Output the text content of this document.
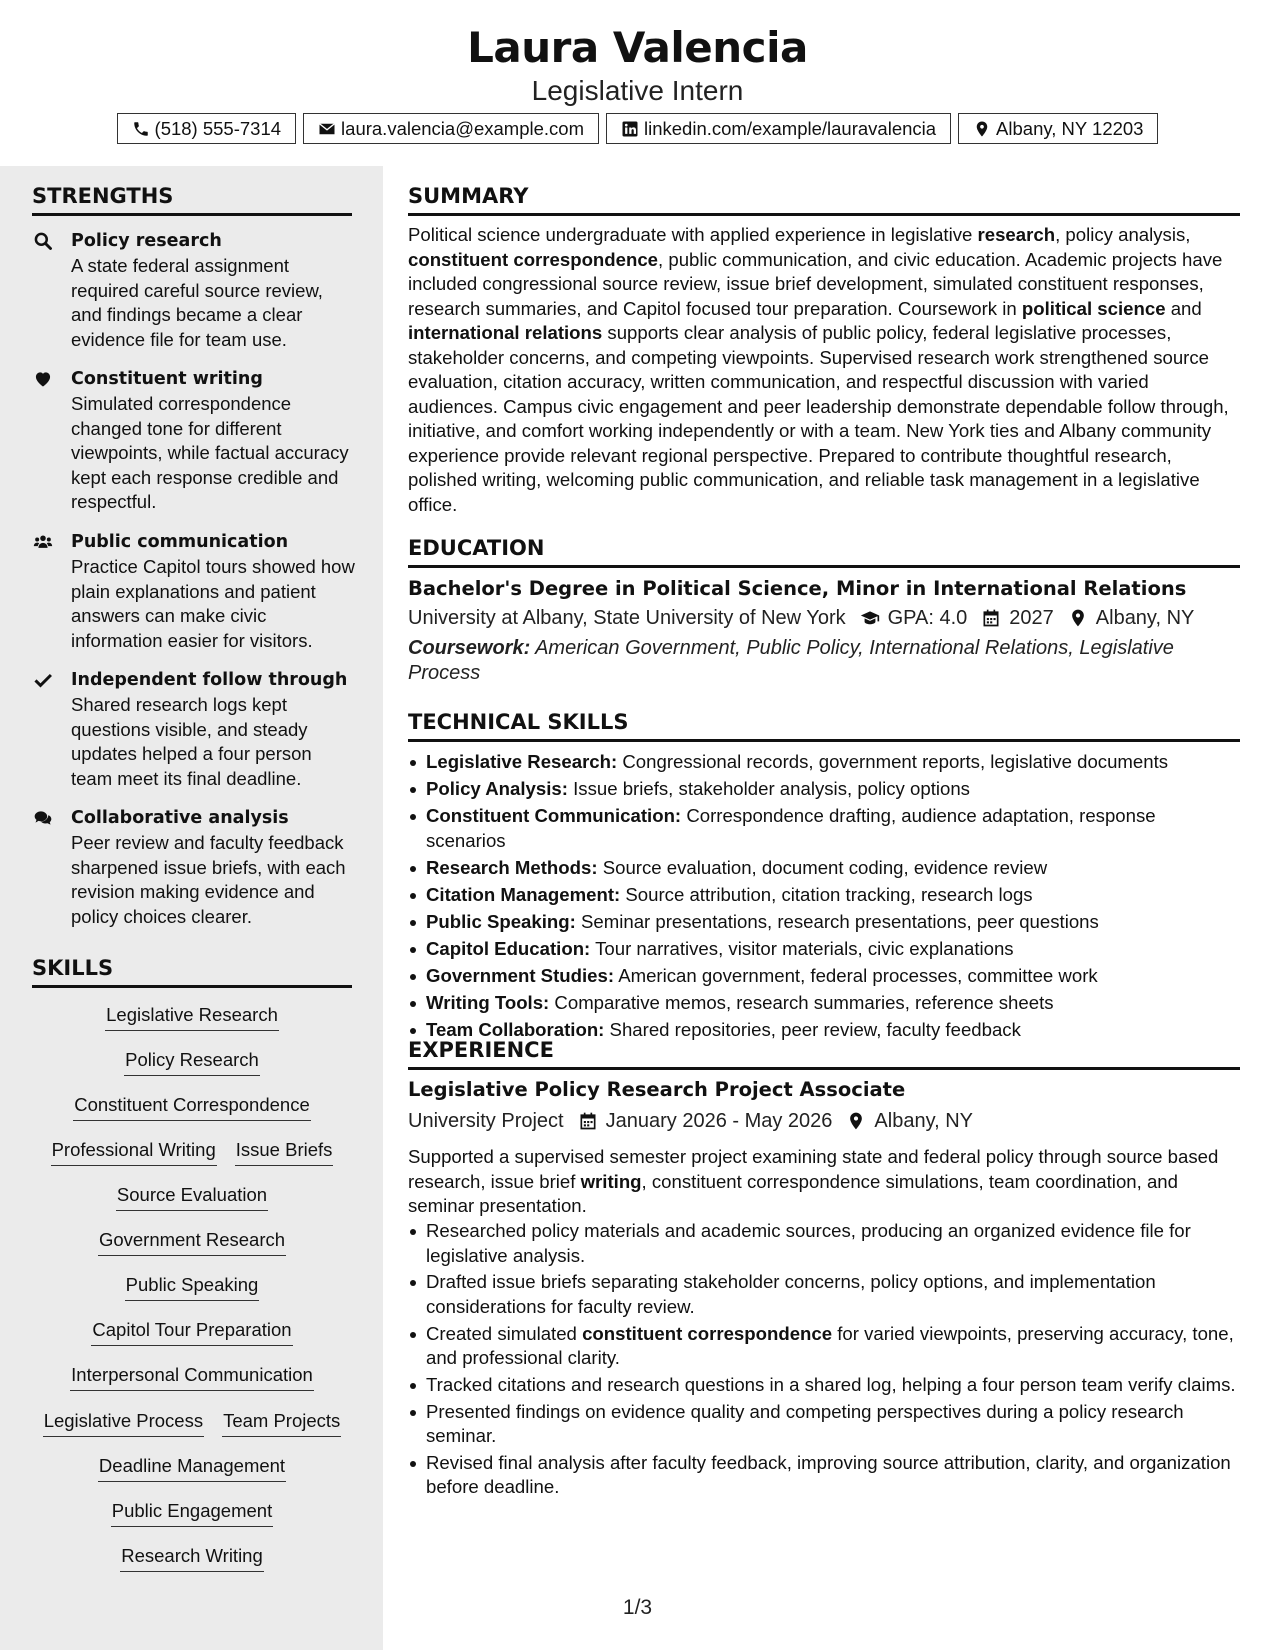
Laura Valencia
Legislative Intern
(518) 555-7314	laura.valencia@example.com	linkedin.com/example/lauravalencia	Albany, NY 12203
STRENGTHS
Policy research
A state federal assignment required careful source review, and findings became a clear evidence file for team use.
Constituent writing
Simulated correspondence changed tone for different viewpoints, while factual accuracy kept each response credible and respectful.
Public communication
Practice Capitol tours showed how plain explanations and patient answers can make civic information easier for visitors.
Independent follow through
Shared research logs kept questions visible, and steady updates helped a four person team meet its final deadline.
Collaborative analysis
Peer review and faculty feedback sharpened issue briefs, with each revision making evidence and policy choices clearer.
SKILLS
Legislative Research
Policy Research
Constituent Correspondence
Professional Writing Issue Briefs
Source Evaluation
Government Research
Public Speaking
Capitol Tour Preparation
Interpersonal Communication
Legislative Process Team Projects
Deadline Management
Public Engagement
Research Writing
SUMMARY
Political science undergraduate with applied experience in legislative research, policy analysis, constituent correspondence, public communication, and civic education. Academic projects have included congressional source review, issue brief development, simulated constituent responses, research summaries, and Capitol focused tour preparation. Coursework in political science and international relations supports clear analysis of public policy, federal legislative processes, stakeholder concerns, and competing viewpoints. Supervised research work strengthened source evaluation, citation accuracy, written communication, and respectful discussion with varied audiences. Campus civic engagement and peer leadership demonstrate dependable follow through, initiative, and comfort working independently or with a team. New York ties and Albany community experience provide relevant regional perspective. Prepared to contribute thoughtful research, polished writing, welcoming public communication, and reliable task management in a legislative office.
EDUCATION
Bachelor's Degree in Political Science, Minor in International Relations
University at Albany, State University of New York GPA: 4.0 2027 Albany, NY
Coursework: American Government, Public Policy, International Relations, Legislative Process
TECHNICAL SKILLS
Legislative Research: Congressional records, government reports, legislative documents
Policy Analysis: Issue briefs, stakeholder analysis, policy options
Constituent Communication: Correspondence drafting, audience adaptation, response scenarios
Research Methods: Source evaluation, document coding, evidence review
Citation Management: Source attribution, citation tracking, research logs
Public Speaking: Seminar presentations, research presentations, peer questions
Capitol Education: Tour narratives, visitor materials, civic explanations
Government Studies: American government, federal processes, committee work
Writing Tools: Comparative memos, research summaries, reference sheets
Team Collaboration: Shared repositories, peer review, faculty feedback
EXPERIENCE
Legislative Policy Research Project Associate
University Project January 2026 - May 2026 Albany, NY
Supported a supervised semester project examining state and federal policy through source based research, issue brief writing, constituent correspondence simulations, team coordination, and seminar presentation.
Researched policy materials and academic sources, producing an organized evidence file for legislative analysis.
Drafted issue briefs separating stakeholder concerns, policy options, and implementation considerations for faculty review.
Created simulated constituent correspondence for varied viewpoints, preserving accuracy, tone, and professional clarity.
Tracked citations and research questions in a shared log, helping a four person team verify claims.
Presented findings on evidence quality and competing perspectives during a policy research seminar.
Revised final analysis after faculty feedback, improving source attribution, clarity, and organization before deadline.
1/3
